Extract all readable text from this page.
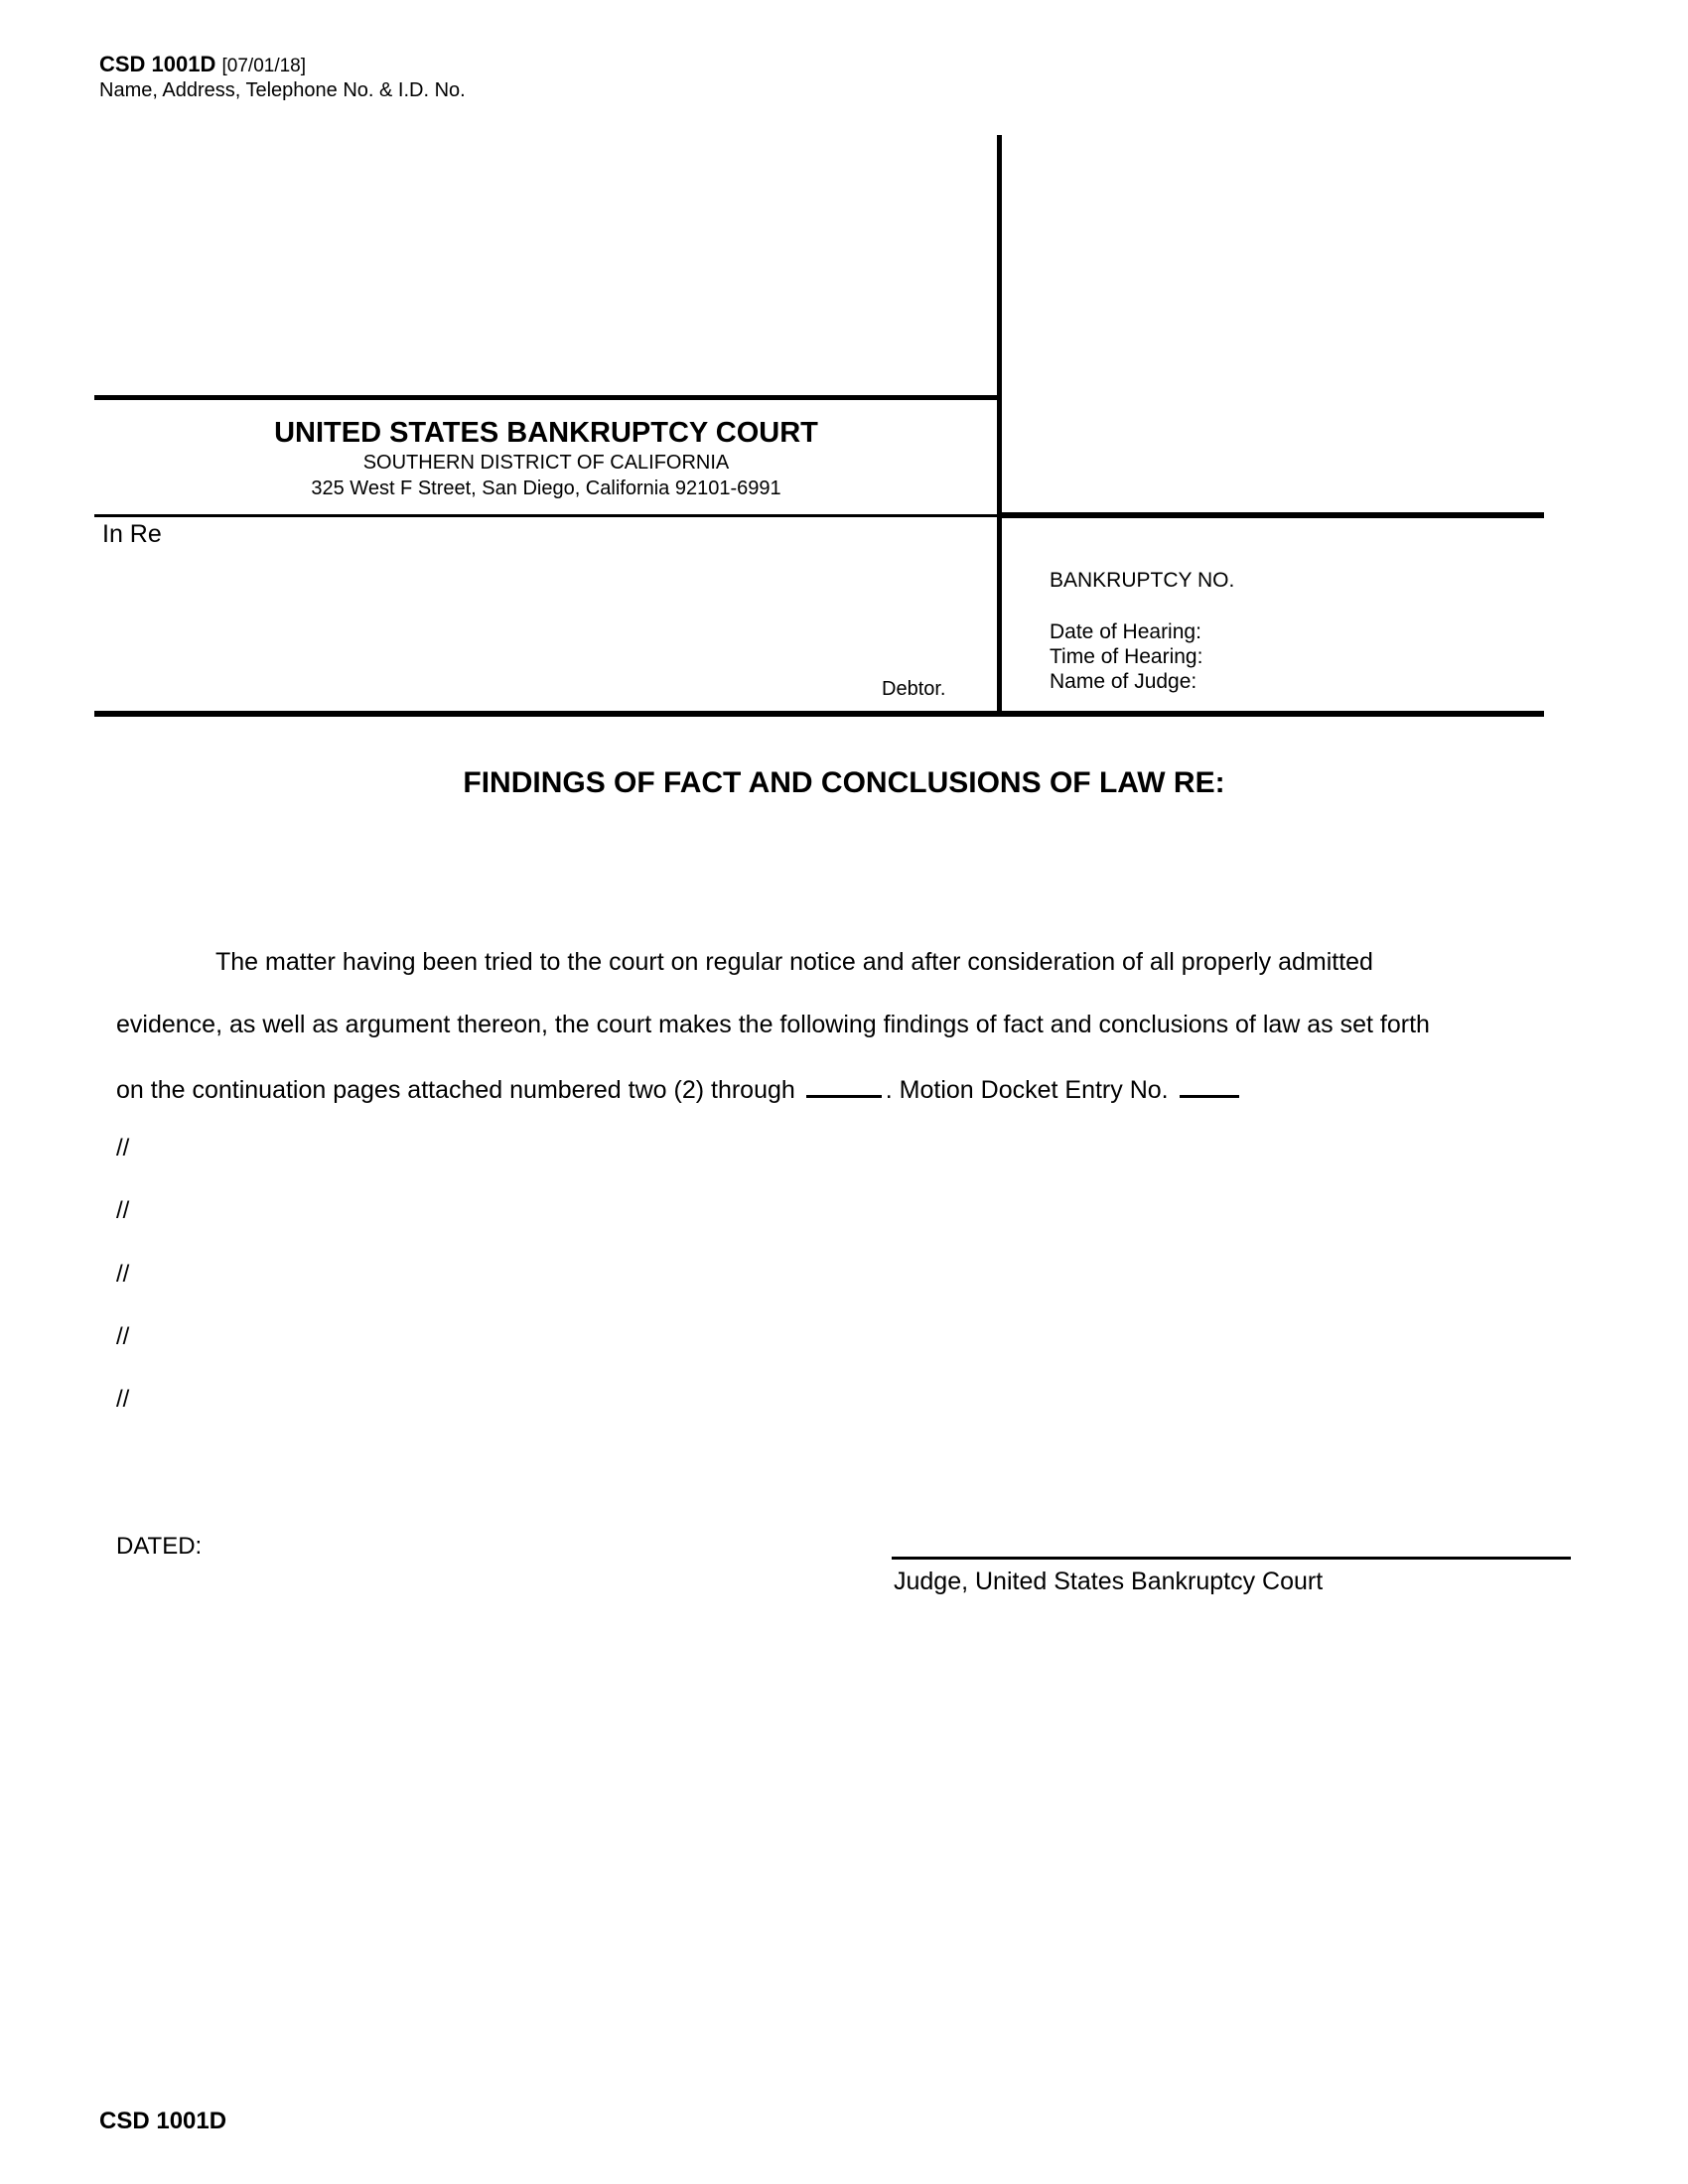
CSD 1001D [07/01/18]
Name, Address, Telephone No. & I.D. No.
UNITED STATES BANKRUPTCY COURT
SOUTHERN DISTRICT OF CALIFORNIA
325 West F Street, San Diego, California 92101-6991
In Re
Debtor.
BANKRUPTCY NO.
Date of Hearing:
Time of Hearing:
Name of Judge:
FINDINGS OF FACT AND CONCLUSIONS OF LAW RE:
The matter having been tried to the court on regular notice and after consideration of all properly admitted
evidence, as well as argument thereon, the court makes the following findings of fact and conclusions of law as set forth
on the continuation pages attached numbered two (2) through	. Motion Docket Entry No.
//
//
//
//
//
DATED:
Judge, United States Bankruptcy Court
CSD 1001D
